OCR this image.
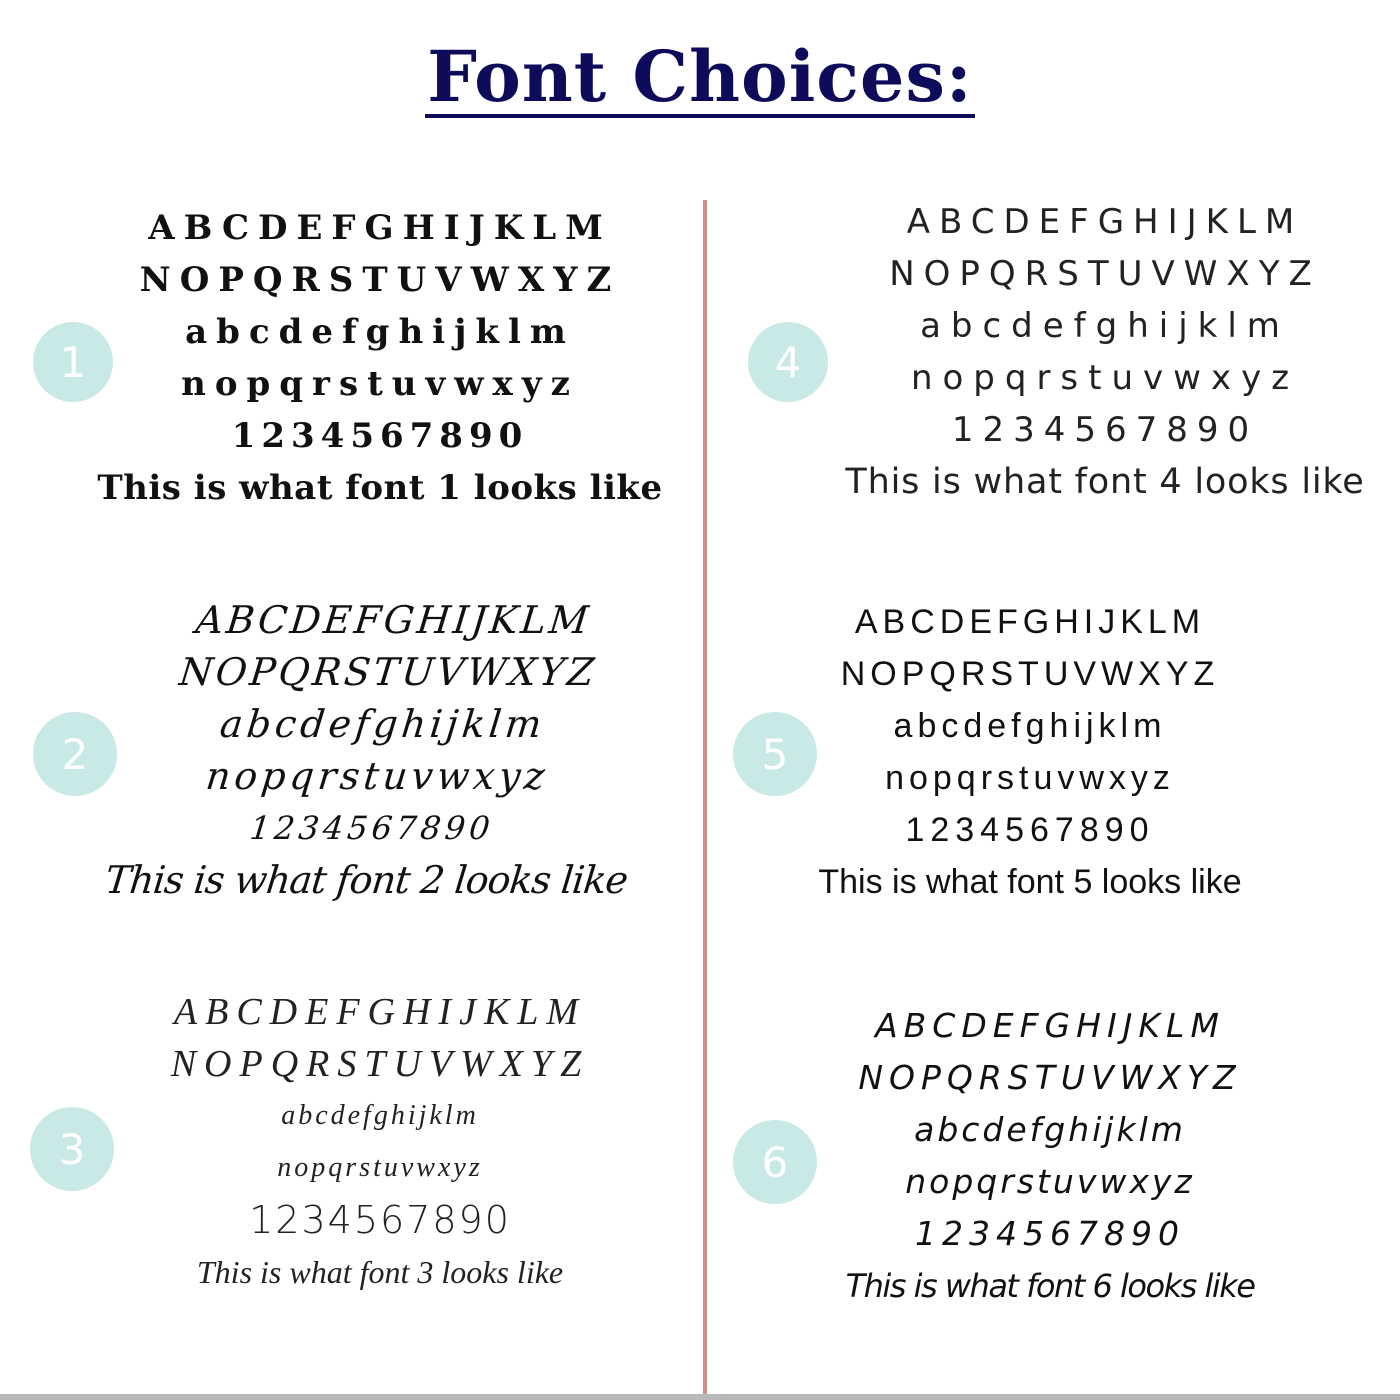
Font Choices:
1
ABCDEFGHIJKLM
NOPQRSTUVWXYZ
abcdefghijklm
nopqrstuvwxyz
1234567890
This is what font 1 looks like
2
ABCDEFGHIJKLM
NOPQRSTUVWXYZ
abcdefghijklm
nopqrstuvwxyz
1234567890
This is what font 2 looks like
3
ABCDEFGHIJKLM
NOPQRSTUVWXYZ
abcdefghijklm
nopqrstuvwxyz
1234567890
This is what font 3 looks like
4
ABCDEFGHIJKLM
NOPQRSTUVWXYZ
abcdefghijklm
nopqrstuvwxyz
1234567890
This is what font 4 looks like
5
ABCDEFGHIJKLM
NOPQRSTUVWXYZ
abcdefghijklm
nopqrstuvwxyz
1234567890
This is what font 5 looks like
6
ABCDEFGHIJKLM
NOPQRSTUVWXYZ
abcdefghijklm
nopqrstuvwxyz
1234567890
This is what font 6 looks like
